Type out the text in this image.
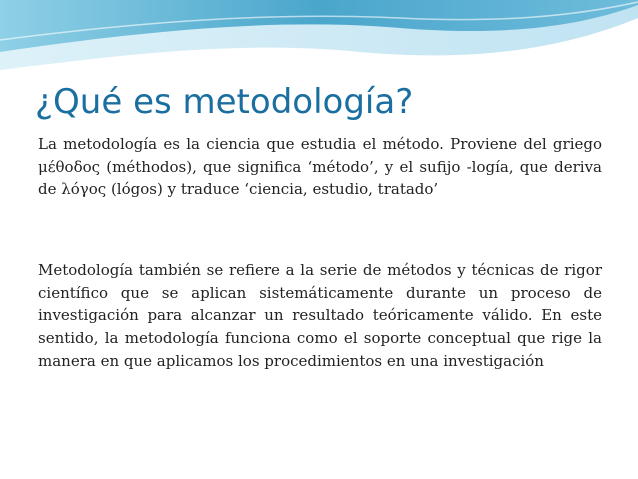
¿Qué es metodología?

La metodología es la ciencia que estudia el método. Proviene del griego μέθοδος (méthodos), que significa ‘método’, y el sufijo -logía, que deriva de λόγος (lógos) y traduce ‘ciencia, estudio, tratado’

Metodología también se refiere a la serie de métodos y técnicas de rigor científico que se aplican sistemáticamente durante un proceso de investigación para alcanzar un resultado teóricamente válido. En este sentido, la metodología funciona como el soporte conceptual que rige la manera en que aplicamos los procedimientos en una investigación
